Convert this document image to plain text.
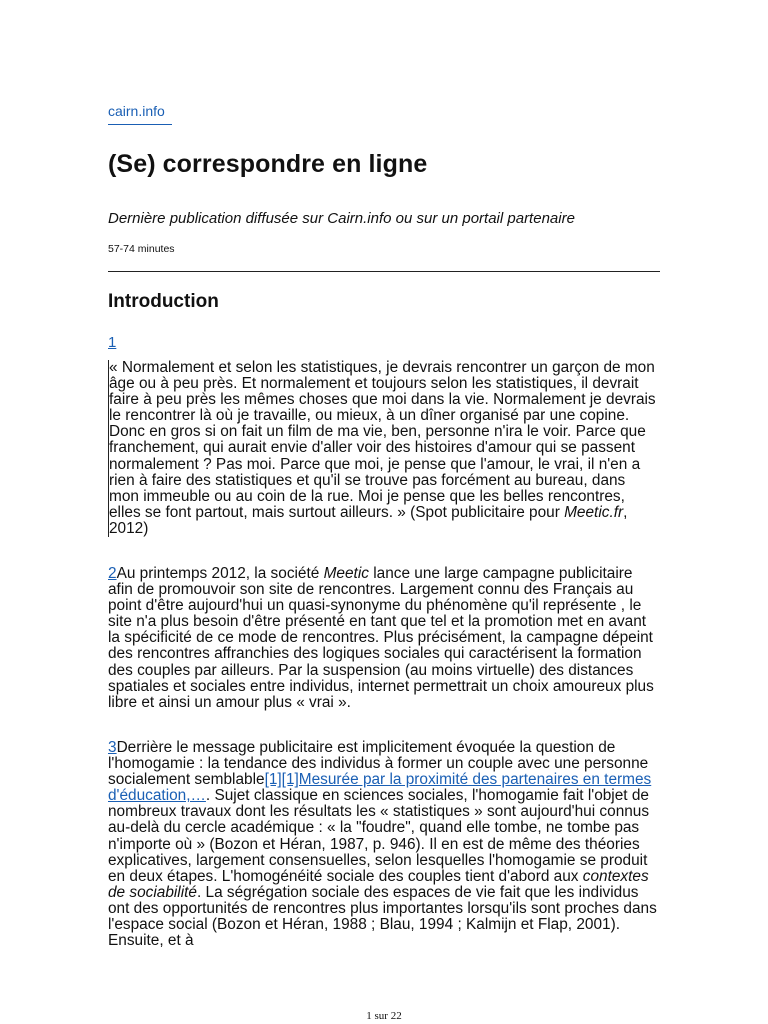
cairn.info
(Se) correspondre en ligne

Dernière publication diffusée sur Cairn.info ou sur un portail partenaire

57-74 minutes

Introduction
1

« Normalement et selon les statistiques, je devrais rencontrer un garçon de mon âge ou à peu près. Et normalement et toujours selon les statistiques, il devrait faire à peu près les mêmes choses que moi dans la vie. Normalement je devrais le rencontrer là où je travaille, ou mieux, à un dîner organisé par une copine. Donc en gros si on fait un film de ma vie, ben, personne n'ira le voir. Parce que franchement, qui aurait envie d'aller voir des histoires d'amour qui se passent normalement ? Pas moi. Parce que moi, je pense que l'amour, le vrai, il n'en a rien à faire des statistiques et qu'il se trouve pas forcément au bureau, dans mon immeuble ou au coin de la rue. Moi je pense que les belles rencontres, elles se font partout, mais surtout ailleurs. » (Spot publicitaire pour Meetic.fr, 2012)

2Au printemps 2012, la société Meetic lance une large campagne publicitaire afin de promouvoir son site de rencontres. Largement connu des Français au point d'être aujourd'hui un quasi-synonyme du phénomène qu'il représente , le site n'a plus besoin d'être présenté en tant que tel et la promotion met en avant la spécificité de ce mode de rencontres. Plus précisément, la campagne dépeint des rencontres affranchies des logiques sociales qui caractérisent la formation des couples par ailleurs. Par la suspension (au moins virtuelle) des distances spatiales et sociales entre individus, internet permettrait un choix amoureux plus libre et ainsi un amour plus « vrai ».

3Derrière le message publicitaire est implicitement évoquée la question de l'homogamie : la tendance des individus à former un couple avec une personne socialement semblable[1][1]Mesurée par la proximité des partenaires en termes d'éducation,…. Sujet classique en sciences sociales, l'homogamie fait l'objet de nombreux travaux dont les résultats les « statistiques » sont aujourd'hui connus au-delà du cercle académique : « la "foudre", quand elle tombe, ne tombe pas n'importe où » (Bozon et Héran, 1987, p. 946). Il en est de même des théories explicatives, largement consensuelles, selon lesquelles l'homogamie se produit en deux étapes. L'homogénéité sociale des couples tient d'abord aux contextes de sociabilité. La ségrégation sociale des espaces de vie fait que les individus ont des opportunités de rencontres plus importantes lorsqu'ils sont proches dans l'espace social (Bozon et Héran, 1988 ; Blau, 1994 ; Kalmijn et Flap, 2001). Ensuite, et à

1 sur 22
